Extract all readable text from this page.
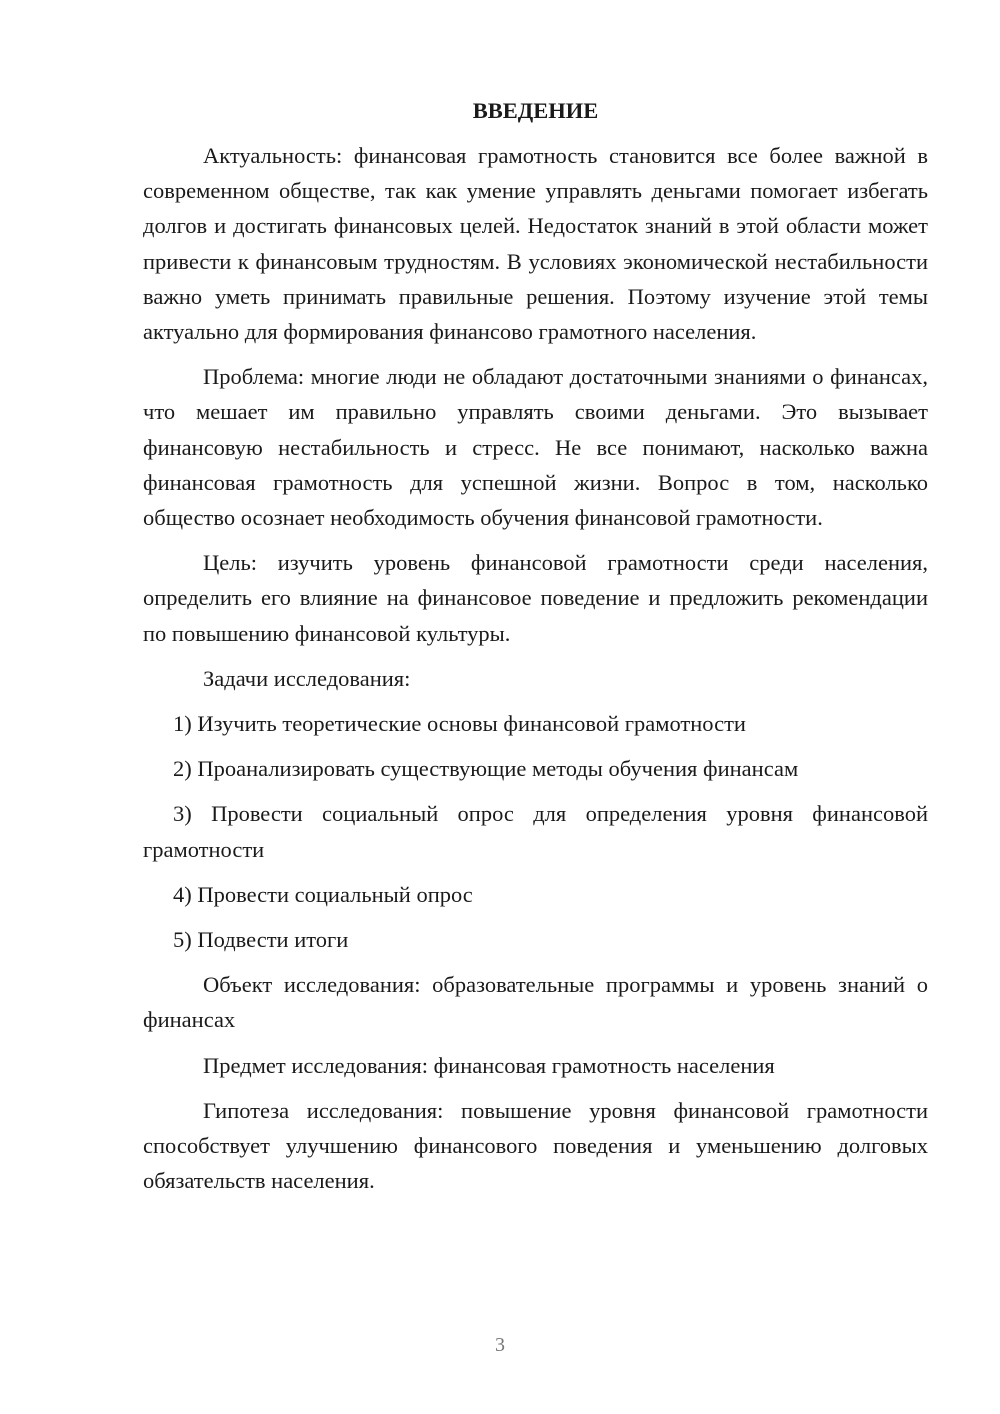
ВВЕДЕНИЕ

Актуальность: финансовая грамотность становится все более важной в современном обществе, так как умение управлять деньгами помогает избегать долгов и достигать финансовых целей. Недостаток знаний в этой области может привести к финансовым трудностям. В условиях экономической нестабильности важно уметь принимать правильные решения. Поэтому изучение этой темы актуально для формирования финансово грамотного населения.

Проблема: многие люди не обладают достаточными знаниями о финансах, что мешает им правильно управлять своими деньгами. Это вызывает финансовую нестабильность и стресс. Не все понимают, насколько важна финансовая грамотность для успешной жизни. Вопрос в том, насколько общество осознает необходимость обучения финансовой грамотности.

Цель: изучить уровень финансовой грамотности среди населения, определить его влияние на финансовое поведение и предложить рекомендации по повышению финансовой культуры.

Задачи исследования:

1) Изучить теоретические основы финансовой грамотности

2) Проанализировать существующие методы обучения финансам

3) Провести социальный опрос для определения уровня финансовой грамотности

4) Провести социальный опрос

5) Подвести итоги

Объект исследования: образовательные программы и уровень знаний о финансах

Предмет исследования: финансовая грамотность населения

Гипотеза исследования: повышение уровня финансовой грамотности способствует улучшению финансового поведения и уменьшению долговых обязательств населения.

3
